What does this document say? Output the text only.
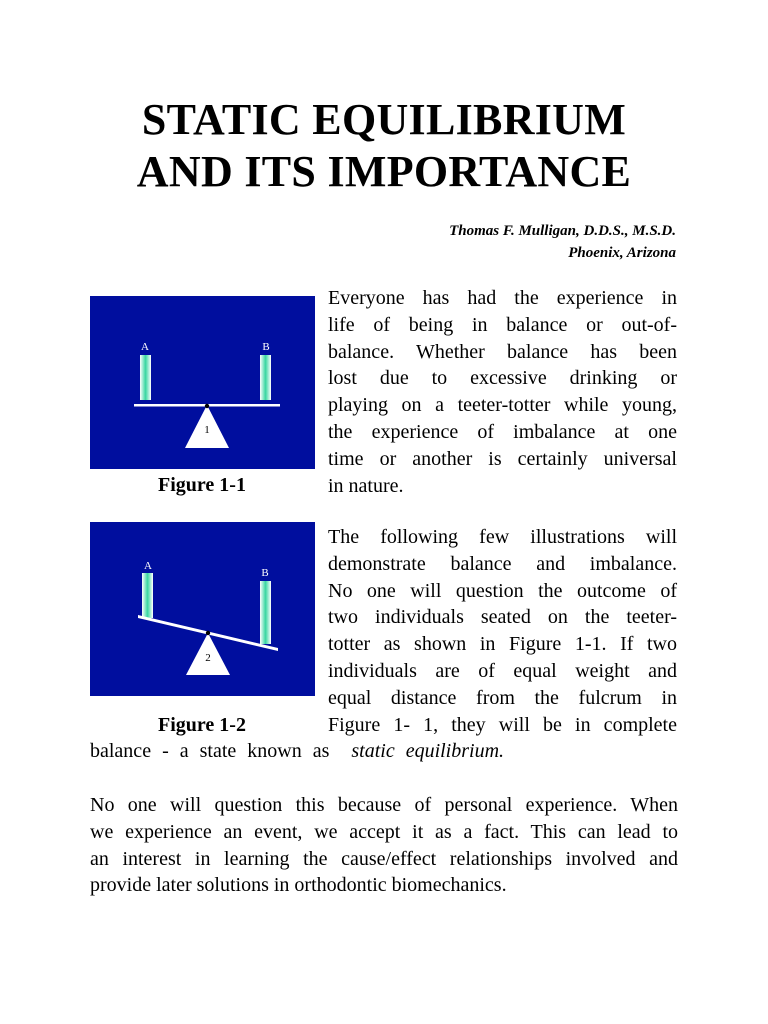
STATIC EQUILIBRIUM
AND ITS IMPORTANCE
Thomas F. Mulligan, D.D.S., M.S.D.
Phoenix, Arizona
A	B
1
Figure 1-1
A
B
2
Figure 1-2
Everyone has had the experience in
life of being in balance or out-of-
balance. Whether balance has been
lost due to excessive drinking or
playing on a teeter-totter while young,
the experience of imbalance at one
time or another is certainly universal
in nature.
The following few illustrations will
demonstrate balance and imbalance.
No one will question the outcome of
two individuals seated on the teeter-
totter as shown in Figure 1-1. If two
individuals are of equal weight and
equal distance from the fulcrum in
Figure 1- 1, they will be in complete
balance - a state known as static equilibrium.
No one will question this because of personal experience. When
we experience an event, we accept it as a fact. This can lead to
an interest in learning the cause/effect relationships involved and
provide later solutions in orthodontic biomechanics.
